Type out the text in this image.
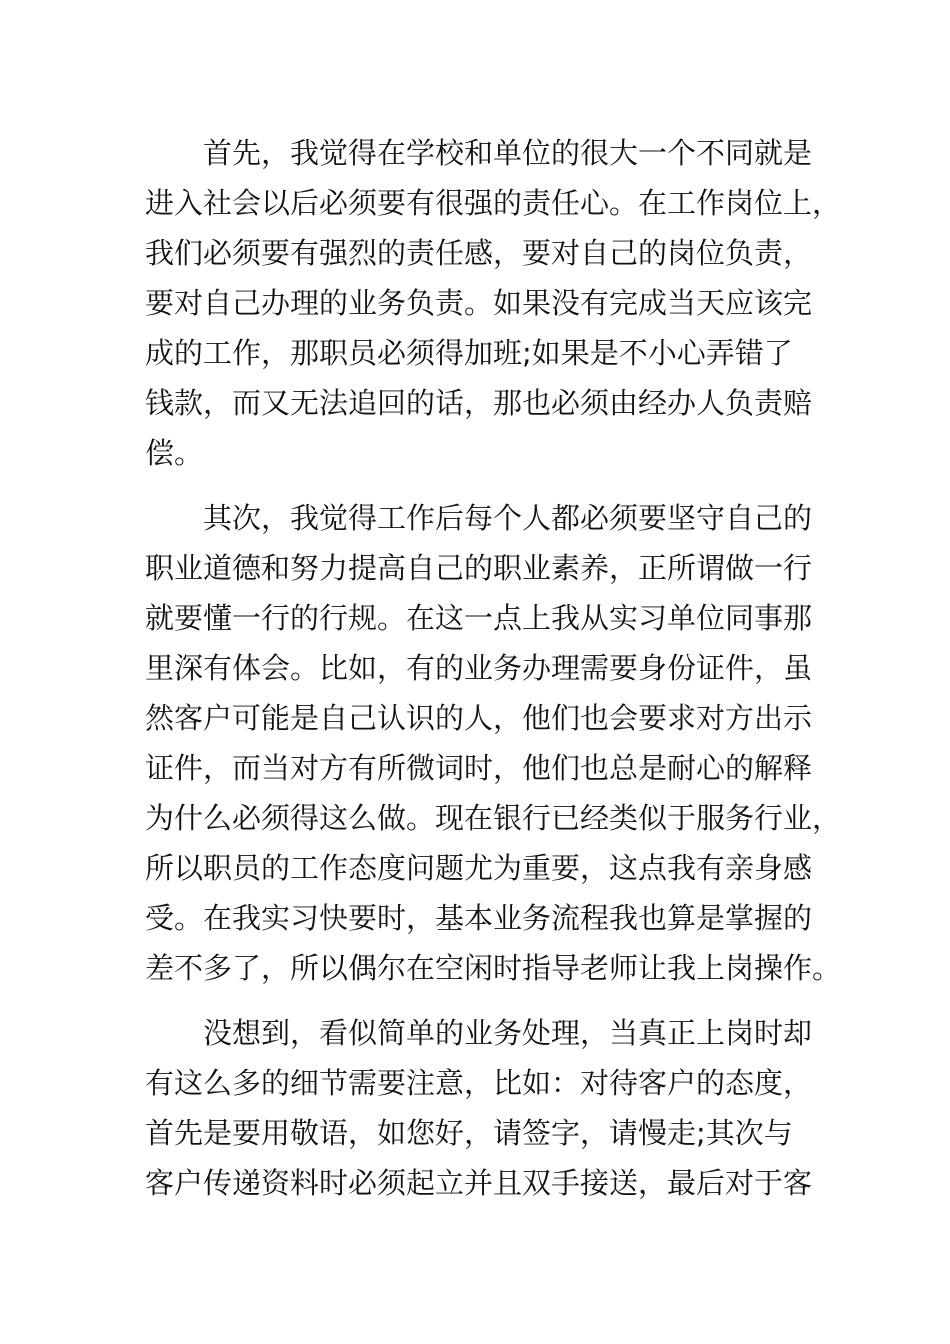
首先，我觉得在学校和单位的很大一个不同就是
进入社会以后必须要有很强的责任心。在工作岗位上，
我们必须要有强烈的责任感，要对自己的岗位负责，
要对自己办理的业务负责。如果没有完成当天应该完
成的工作，那职员必须得加班;如果是不小心弄错了
钱款，而又无法追回的话，那也必须由经办人负责赔
偿。
其次，我觉得工作后每个人都必须要坚守自己的
职业道德和努力提高自己的职业素养，正所谓做一行
就要懂一行的行规。在这一点上我从实习单位同事那
里深有体会。比如，有的业务办理需要身份证件，虽
然客户可能是自己认识的人，他们也会要求对方出示
证件，而当对方有所微词时，他们也总是耐心的解释
为什么必须得这么做。现在银行已经类似于服务行业，
所以职员的工作态度问题尤为重要，这点我有亲身感
受。在我实习快要时，基本业务流程我也算是掌握的
差不多了，所以偶尔在空闲时指导老师让我上岗操作。
没想到，看似简单的业务处理，当真正上岗时却
有这么多的细节需要注意，比如：对待客户的态度，
首先是要用敬语，如您好，请签字，请慢走;其次与
客户传递资料时必须起立并且双手接送，最后对于客
